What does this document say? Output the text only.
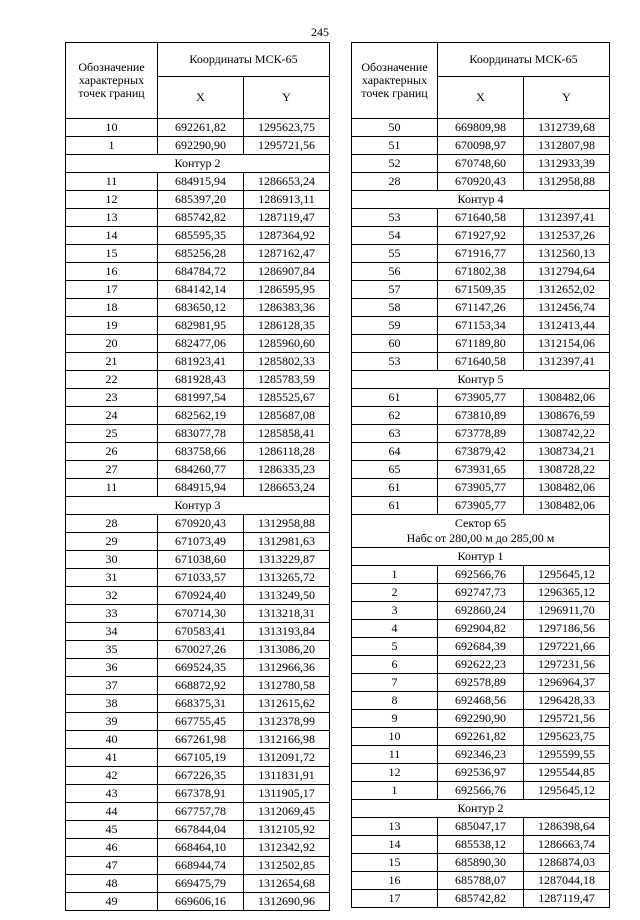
245
Обозначение характерных точек границ	Координаты МСК-65	
	X	Y
10	692261,82	1295623,75
1	692290,90	1295721,56
Контур 2		
11	684915,94	1286653,24
12	685397,20	1286913,11
13	685742,82	1287119,47
14	685595,35	1287364,92
15	685256,28	1287162,47
16	684784,72	1286907,84
17	684142,14	1286595,95
18	683650,12	1286383,36
19	682981,95	1286128,35
20	682477,06	1285960,60
21	681923,41	1285802,33
22	681928,43	1285783,59
23	681997,54	1285525,67
24	682562,19	1285687,08
25	683077,78	1285858,41
26	683758,66	1286118,28
27	684260,77	1286335,23
11	684915,94	1286653,24
Контур 3		
28	670920,43	1312958,88
29	671073,49	1312981,63
30	671038,60	1313229,87
31	671033,57	1313265,72
32	670924,40	1313249,50
33	670714,30	1313218,31
34	670583,41	1313193,84
35	670027,26	1313086,20
36	669524,35	1312966,36
37	668872,92	1312780,58
38	668375,31	1312615,62
39	667755,45	1312378,99
40	667261,98	1312166,98
41	667105,19	1312091,72
42	667226,35	1311831,91
43	667378,91	1311905,17
44	667757,78	1312069,45
45	667844,04	1312105,92
46	668464,10	1312342,92
47	668944,74	1312502,85
48	669475,79	1312654,68
49	669606,16	1312690,96
Обозначение характерных точек границ	Координаты МСК-65	
	X	Y
50	669809,98	1312739,68
51	670098,97	1312807,98
52	670748,60	1312933,39
28	670920,43	1312958,88
Контур 4		
53	671640,58	1312397,41
54	671927,92	1312537,26
55	671916,77	1312560,13
56	671802,38	1312794,64
57	671509,35	1312652,02
58	671147,26	1312456,74
59	671153,34	1312413,44
60	671189,80	1312154,06
53	671640,58	1312397,41
Контур 5		
61	673905,77	1308482,06
62	673810,89	1308676,59
63	673778,89	1308742,22
64	673879,42	1308734,21
65	673931,65	1308728,22
61	673905,77	1308482,06
61	673905,77	1308482,06

Сектор 65
Нaбс от 280,00 м до 285,00 м		

Контур 1		
1	692566,76	1295645,12
2	692747,73	1296365,12
3	692860,24	1296911,70
4	692904,82	1297186,56
5	692684,39	1297221,66
6	692622,23	1297231,56
7	692578,89	1296964,37
8	692468,56	1296428,33
9	692290,90	1295721,56
10	692261,82	1295623,75
11	692346,23	1295599,55
12	692536,97	1295544,85
1	692566,76	1295645,12
Контур 2		
13	685047,17	1286398,64
14	685538,12	1286663,74
15	685890,30	1286874,03
16	685788,07	1287044,18
17	685742,82	1287119,47
